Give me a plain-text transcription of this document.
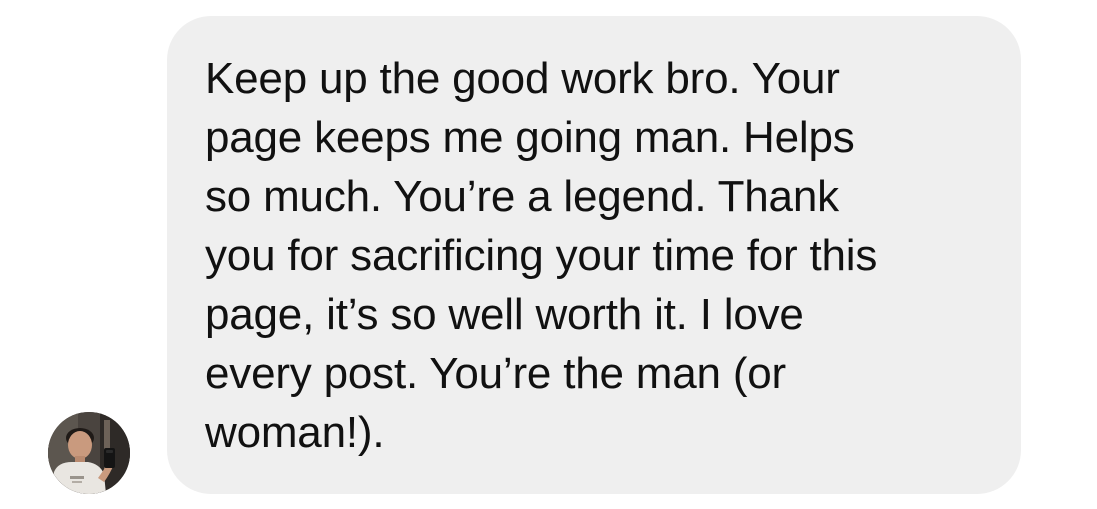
Keep up the good work bro. Your
page keeps me going man. Helps
so much. You’re a legend. Thank
you for sacrificing your time for this
page, it’s so well worth it. I love
every post. You’re the man (or
woman!).
